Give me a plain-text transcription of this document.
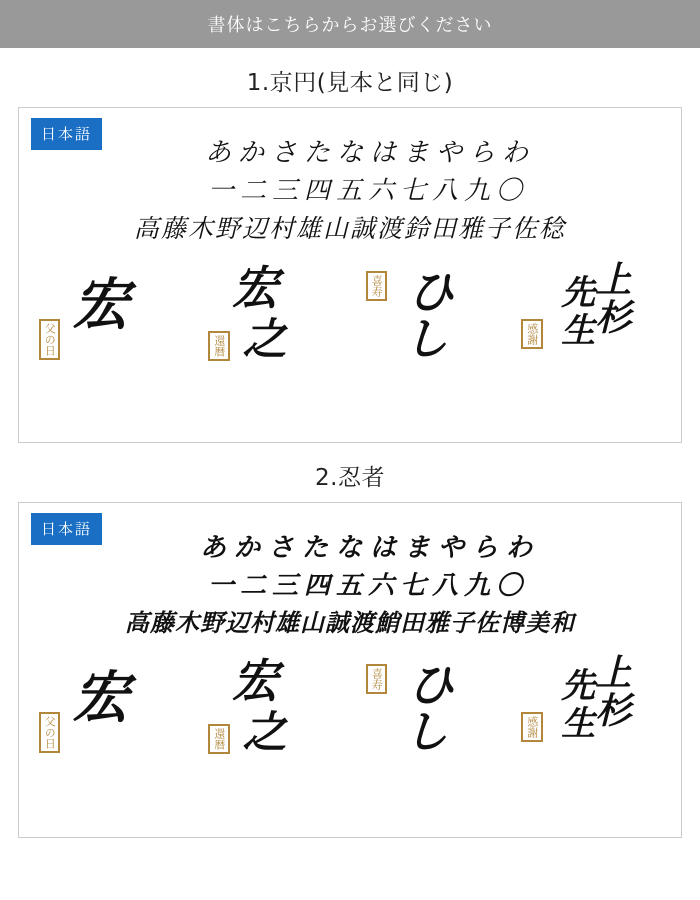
書体はこちらからお選びください
1.京円(見本と同じ)
日本語
あかさたなはまやらわ
一二三四五六七八九〇
高藤木野辺村雄山誠渡鈴田雅子佐稔
宏
父の日
宏
之
還暦
ひ
し
喜寿	上
杉
先
生
感謝
2.忍者
日本語
あかさたなはまやらわ
一二三四五六七八九〇
高藤木野辺村雄山誠渡鮹田雅子佐博美和
宏
父の日
宏
之
還暦
ひ
し
喜寿	上
杉
先
生
感謝
